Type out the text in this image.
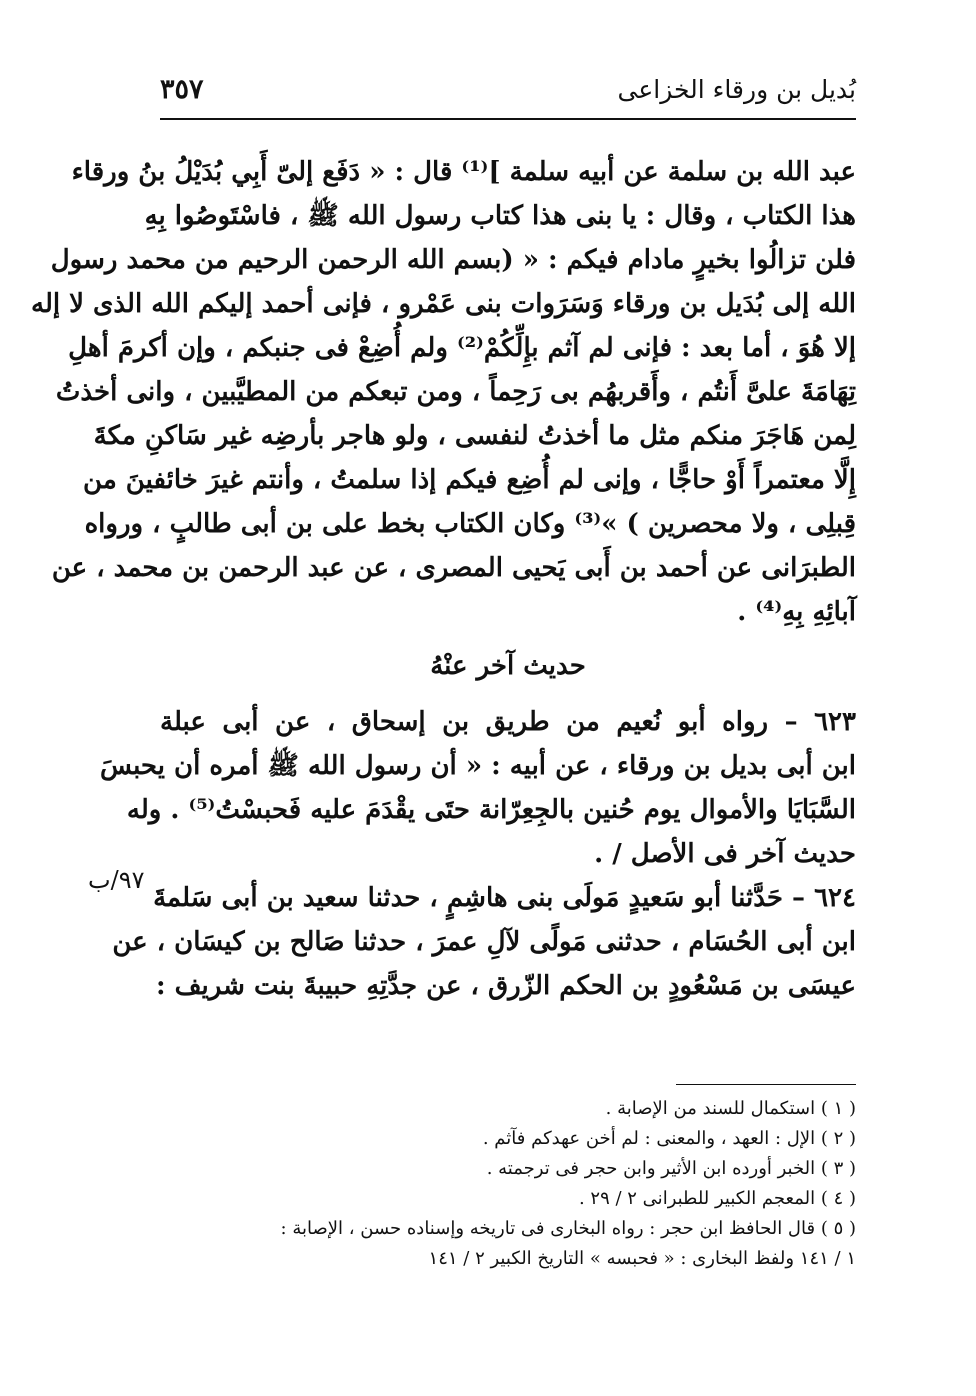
بُديل بن ورقاء الخزاعى
٣٥٧
عبد الله بن سلمة عن أبيه سلمة ]⁽¹⁾ قال : « دَفَع إلىّ أَبِي بُدَيْلُ بنُ ورقاء
هذا الكتاب ، وقال : يا بنى هذا كتاب رسول الله ﷺ ، فاسْتَوصُوا بِهِ
فلن تزالُوا بخيرٍ مادام فيكم : « (بسم الله الرحمن الرحيم من محمد رسول
الله إلى بُدَيل بن ورقاء وَسَرَوات بنى عَمْرو ، فإنى أحمد إليكم الله الذى لا إله
إلا هُوَ ، أما بعد : فإنى لم آثم بإِلِّكُمْ⁽²⁾ ولم أُضِعْ فى جنبكم ، وإن أكرمَ أهلِ
تِهَامَةَ علىَّ أَنتُم ، وأَقربهُم بى رَحِماً ، ومن تبعكم من المطيَّبين ، وانى أخذتُ
لِمن هَاجَرَ منكم مثل ما أخذتُ لنفسى ، ولو هاجر بأرضِه غير سَاكنِ مكةَ
إِلَّا معتمراً أَوْ حاجًّا ، وإنى لم أُضِع فيكم إذا سلمتُ ، وأنتم غيرَ خائفينَ من
قِبلِى ، ولا محصرين ) »⁽³⁾ وكان الكتاب بخط على بن أبى طالبٍ ، ورواه
الطبرَانى عن أحمد بن أَبى يَحيى المصرى ، عن عبد الرحمن بن محمد ، عن
آبائِهِ بِهِ⁽⁴⁾ .
حديث آخر عنْهُ
٦٢٣ – رواه أبو نُعيم من طريق بن إسحاق ، عن أبى عبلة
ابن أبى بديل بن ورقاء ، عن أبيه : « أن رسول الله ﷺ أمره أن يحبسَ
السَّبَايَا والأموال يوم حُنين بالجِعِرّانة حتَى يقْدَمَ عليه فَحبسْتُ⁽⁵⁾ . وله
حديث آخر فى الأصل / .
٦٢٤ – حَدَّثنا أبو سَعيدٍ مَولَى بنى هاشِمٍ ، حدثنا سعيد بن أبى سَلمةَ
ابن أبى الحُسَام ، حدثنى مَولًى لآلِ عمرَ ، حدثنا صَالح بن كيسَان ، عن
عيسَى بن مَسْعُودٍ بن الحكم الزّرق ، عن جدَّتِهِ حبيبةَ بنت شريف :
٩٧/ب
( ١ ) استكمال للسند من الإصابة .
( ٢ ) الإل : العهد ، والمعنى : لم أخن عهدكم فآثم .
( ٣ ) الخبر أورده ابن الأثير وابن حجر فى ترجمته .
( ٤ ) المعجم الكبير للطبرانى ٢ / ٢٩ .
( ٥ ) قال الحافظ ابن حجر : رواه البخارى فى تاريخه وإسناده حسن ، الإصابة :
١ / ١٤١ ولفظ البخارى : « فحبسه » التاريخ الكبير ٢ / ١٤١
